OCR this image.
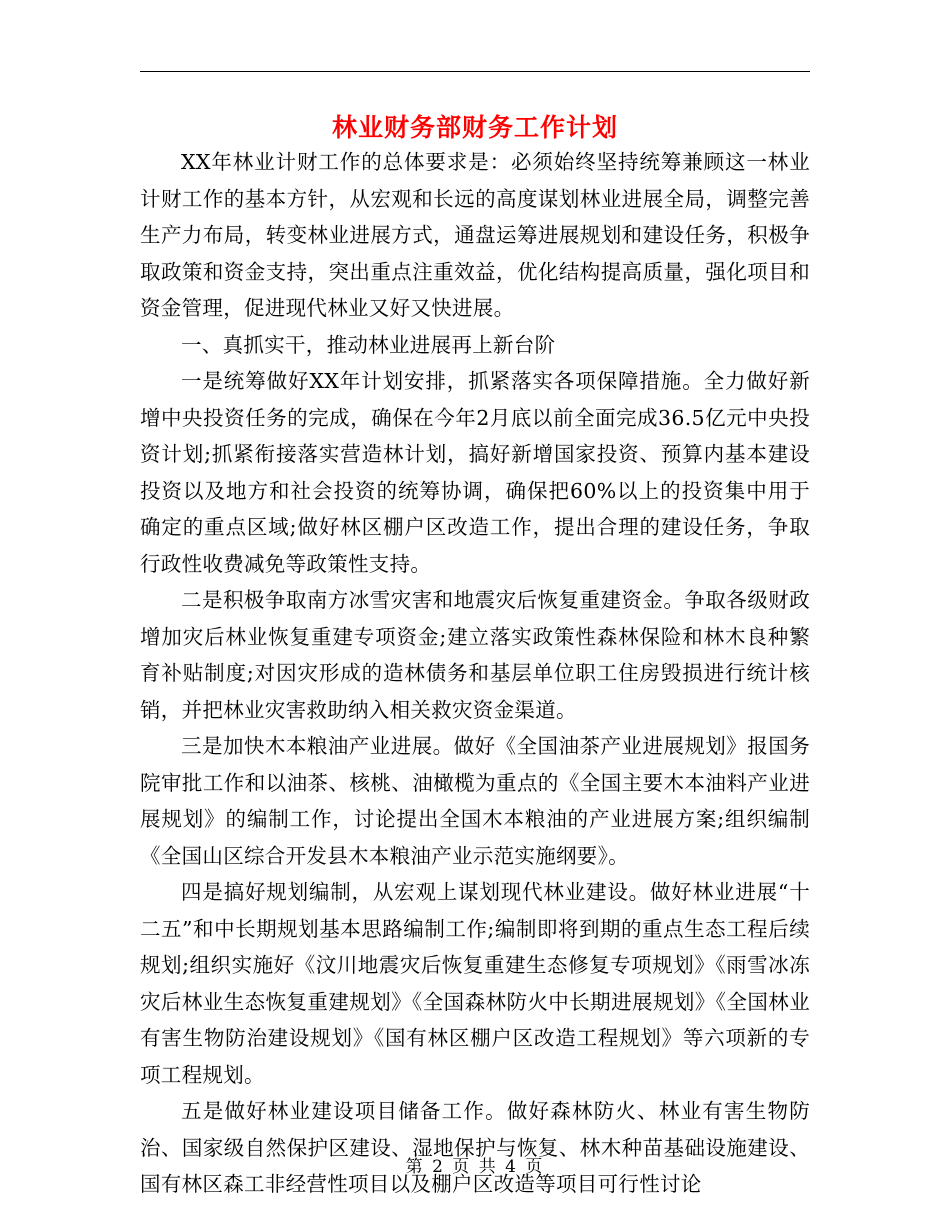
林业财务部财务工作计划

XX年林业计财工作的总体要求是：必须始终坚持统筹兼顾这一林业计财工作的基本方针，从宏观和长远的高度谋划林业进展全局，调整完善生产力布局，转变林业进展方式，通盘运筹进展规划和建设任务，积极争取政策和资金支持，突出重点注重效益，优化结构提高质量，强化项目和资金管理，促进现代林业又好又快进展。

一、真抓实干，推动林业进展再上新台阶

一是统筹做好XX年计划安排，抓紧落实各项保障措施。全力做好新增中央投资任务的完成，确保在今年2月底以前全面完成36.5亿元中央投资计划;抓紧衔接落实营造林计划，搞好新增国家投资、预算内基本建设投资以及地方和社会投资的统筹协调，确保把60%以上的投资集中用于确定的重点区域;做好林区棚户区改造工作，提出合理的建设任务，争取行政性收费减免等政策性支持。

二是积极争取南方冰雪灾害和地震灾后恢复重建资金。争取各级财政增加灾后林业恢复重建专项资金;建立落实政策性森林保险和林木良种繁育补贴制度;对因灾形成的造林债务和基层单位职工住房毁损进行统计核销，并把林业灾害救助纳入相关救灾资金渠道。

三是加快木本粮油产业进展。做好《全国油茶产业进展规划》报国务院审批工作和以油茶、核桃、油橄榄为重点的《全国主要木本油料产业进展规划》的编制工作，讨论提出全国木本粮油的产业进展方案;组织编制《全国山区综合开发县木本粮油产业示范实施纲要》。

四是搞好规划编制，从宏观上谋划现代林业建设。做好林业进展“十二五”和中长期规划基本思路编制工作;编制即将到期的重点生态工程后续规划;组织实施好《汶川地震灾后恢复重建生态修复专项规划》《雨雪冰冻灾后林业生态恢复重建规划》《全国森林防火中长期进展规划》《全国林业有害生物防治建设规划》《国有林区棚户区改造工程规划》等六项新的专项工程规划。

五是做好林业建设项目储备工作。做好森林防火、林业有害生物防治、国家级自然保护区建设、湿地保护与恢复、林木种苗基础设施建设、国有林区森工非经营性项目以及棚户区改造等项目可行性讨论

第 2 页 共 4 页
